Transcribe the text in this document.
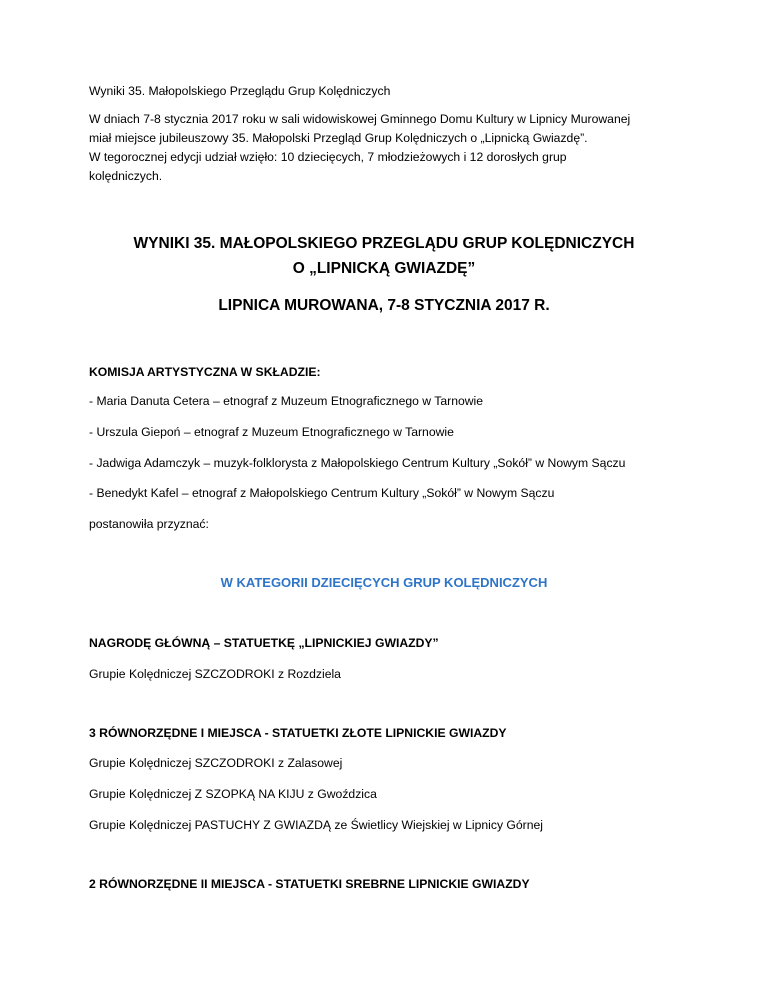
Wyniki 35. Małopolskiego Przeglądu Grup Kolędniczych
W dniach 7-8 stycznia 2017 roku w sali widowiskowej Gminnego Domu Kultury w Lipnicy Murowanej
miał miejsce jubileuszowy 35. Małopolski Przegląd Grup Kolędniczych o „Lipnicką Gwiazdę”.
W tegorocznej edycji udział wzięło: 10 dziecięcych, 7 młodzieżowych i 12 dorosłych grup
kolędniczych.
WYNIKI 35. MAŁOPOLSKIEGO PRZEGLĄDU GRUP KOLĘDNICZYCH
O „LIPNICKĄ GWIAZDĘ”
LIPNICA MUROWANA, 7-8 STYCZNIA 2017 R.
KOMISJA ARTYSTYCZNA W SKŁADZIE:
- Maria Danuta Cetera – etnograf z Muzeum Etnograficznego w Tarnowie
- Urszula Giероń – etnograf z Muzeum Etnograficznego w Tarnowie
- Jadwiga Adamczyk – muzyk-folklorysta z Małopolskiego Centrum Kultury „Sokół” w Nowym Sączu
- Benedykt Kafel – etnograf z Małopolskiego Centrum Kultury „Sokół” w Nowym Sączu
postanowiła przyznać:
W KATEGORII DZIECIĘCYCH GRUP KOLĘDNICZYCH
NAGRODĘ GŁÓWNĄ – STATUETKĘ „LIPNICKIEJ GWIAZDY”
Grupie Kolędniczej SZCZODROKI z Rozdziela
3 RÓWNORZĘDNE I MIEJSCA - STATUETKI ZŁOTE LIPNICKIE GWIAZDY
Grupie Kolędniczej SZCZODROKI z Zalasowej
Grupie Kolędniczej Z SZOPKĄ NA KIJU z Gwoździca
Grupie Kolędniczej PASTUCHY Z GWIAZDĄ ze Świetlicy Wiejskiej w Lipnicy Górnej
2 RÓWNORZĘDNE II MIEJSCA - STATUETKI SREBRNE LIPNICKIE GWIAZDY
